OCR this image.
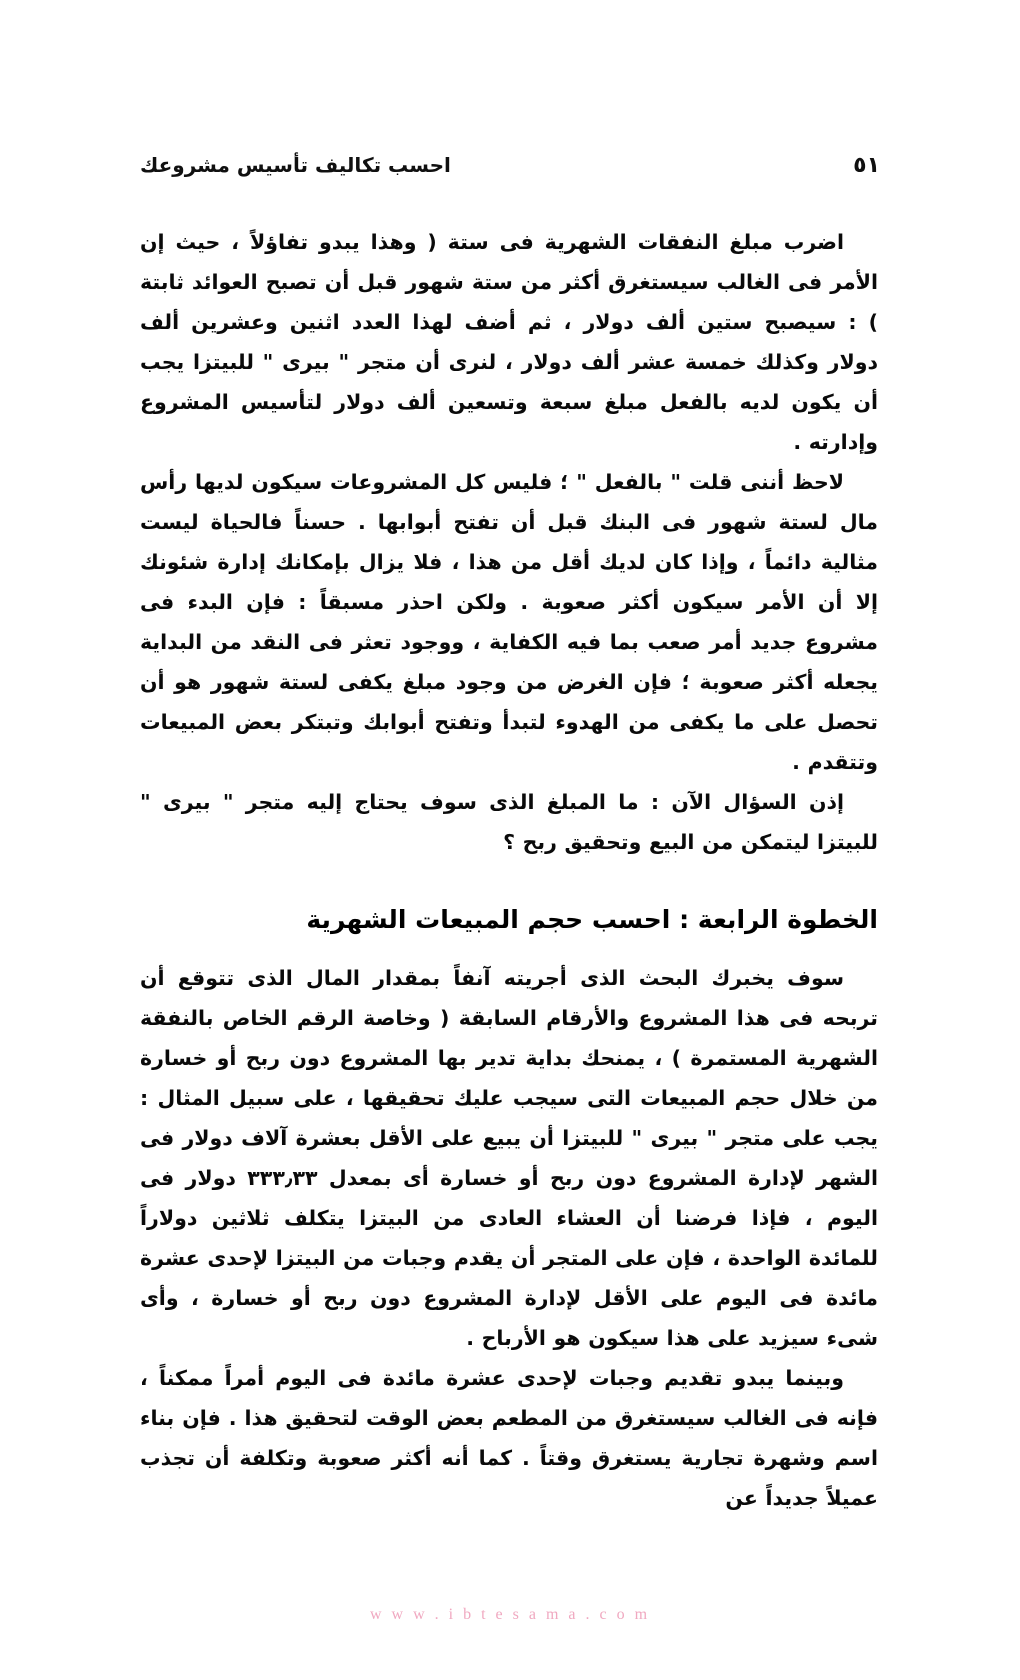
احسب تكاليف تأسيس مشروعك	٥١

اضرب مبلغ النفقات الشهرية فى ستة ( وهذا يبدو تفاؤلاً ، حيث إن الأمر فى الغالب سيستغرق أكثر من ستة شهور قبل أن تصبح العوائد ثابتة ) : سيصبح ستين ألف دولار ، ثم أضف لهذا العدد اثنين وعشرين ألف دولار وكذلك خمسة عشر ألف دولار ، لنرى أن متجر " بيرى " للبيتزا يجب أن يكون لديه بالفعل مبلغ سبعة وتسعين ألف دولار لتأسيس المشروع وإدارته .

لاحظ أننى قلت " بالفعل " ؛ فليس كل المشروعات سيكون لديها رأس مال لستة شهور فى البنك قبل أن تفتح أبوابها . حسناً فالحياة ليست مثالية دائماً ، وإذا كان لديك أقل من هذا ، فلا يزال بإمكانك إدارة شئونك إلا أن الأمر سيكون أكثر صعوبة . ولكن احذر مسبقاً : فإن البدء فى مشروع جديد أمر صعب بما فيه الكفاية ، ووجود تعثر فى النقد من البداية يجعله أكثر صعوبة ؛ فإن الغرض من وجود مبلغ يكفى لستة شهور هو أن تحصل على ما يكفى من الهدوء لتبدأ وتفتح أبوابك وتبتكر بعض المبيعات وتتقدم .

إذن السؤال الآن : ما المبلغ الذى سوف يحتاج إليه متجر " بيرى " للبيتزا ليتمكن من البيع وتحقيق ربح ؟

الخطوة الرابعة : احسب حجم المبيعات الشهرية

سوف يخبرك البحث الذى أجريته آنفاً بمقدار المال الذى تتوقع أن تربحه فى هذا المشروع والأرقام السابقة ( وخاصة الرقم الخاص بالنفقة الشهرية المستمرة ) ، يمنحك بداية تدير بها المشروع دون ربح أو خسارة من خلال حجم المبيعات التى سيجب عليك تحقيقها ، على سبيل المثال : يجب على متجر " بيرى " للبيتزا أن يبيع على الأقل بعشرة آلاف دولار فى الشهر لإدارة المشروع دون ربح أو خسارة أى بمعدل ٣٣٣٫٣٣ دولار فى اليوم ، فإذا فرضنا أن العشاء العادى من البيتزا يتكلف ثلاثين دولاراً للمائدة الواحدة ، فإن على المتجر أن يقدم وجبات من البيتزا لإحدى عشرة مائدة فى اليوم على الأقل لإدارة المشروع دون ربح أو خسارة ، وأى شىء سيزيد على هذا سيكون هو الأرباح .

وبينما يبدو تقديم وجبات لإحدى عشرة مائدة فى اليوم أمراً ممكناً ، فإنه فى الغالب سيستغرق من المطعم بعض الوقت لتحقيق هذا . فإن بناء اسم وشهرة تجارية يستغرق وقتاً . كما أنه أكثر صعوبة وتكلفة أن تجذب عميلاً جديداً عن

w w w . i b t e s a m a . c o m
